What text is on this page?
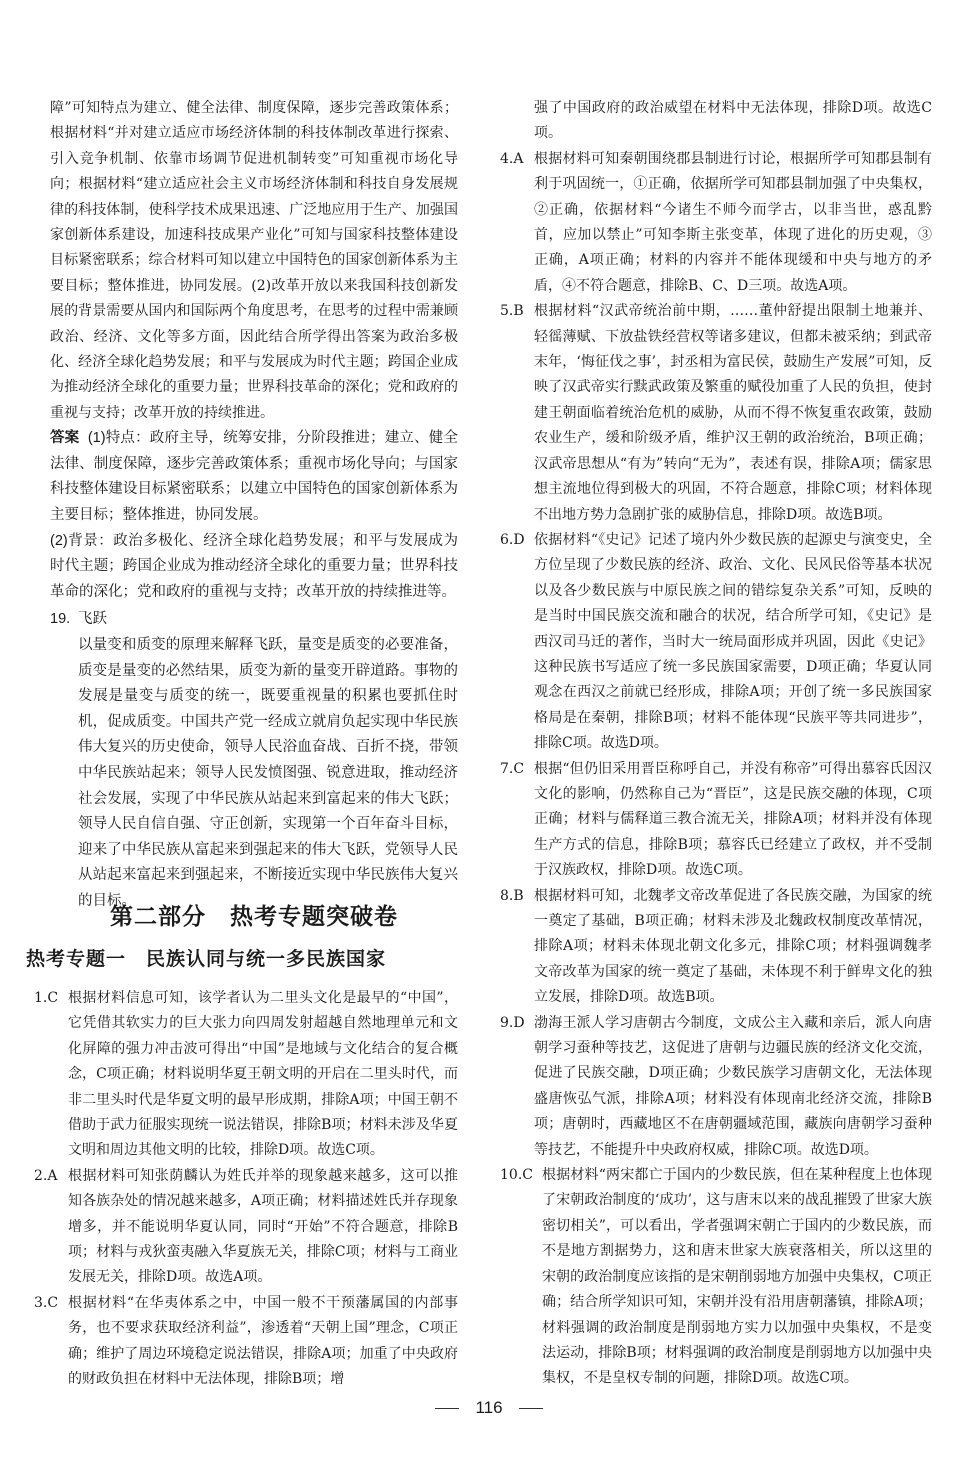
障”可知特点为建立、健全法律、制度保障，逐步完善政策体系；根据材料“并对建立适应市场经济体制的科技体制改革进行探索、引入竞争机制、依靠市场调节促进机制转变”可知重视市场化导向；根据材料“建立适应社会主义市场经济体制和科技自身发展规律的科技体制，使科学技术成果迅速、广泛地应用于生产、加强国家创新体系建设，加速科技成果产业化”可知与国家科技整体建设目标紧密联系；综合材料可知以建立中国特色的国家创新体系为主要目标；整体推进，协同发展。(2)改革开放以来我国科技创新发展的背景需要从国内和国际两个角度思考，在思考的过程中需兼顾政治、经济、文化等多方面，因此结合所学得出答案为政治多极化、经济全球化趋势发展；和平与发展成为时代主题；跨国企业成为推动经济全球化的重要力量；世界科技革命的深化；党和政府的重视与支持；改革开放的持续推进。

答案 (1)特点：政府主导，统筹安排，分阶段推进；建立、健全法律、制度保障，逐步完善政策体系；重视市场化导向；与国家科技整体建设目标紧密联系；以建立中国特色的国家创新体系为主要目标；整体推进，协同发展。

(2)背景：政治多极化、经济全球化趋势发展；和平与发展成为时代主题；跨国企业成为推动经济全球化的重要力量；世界科技革命的深化；党和政府的重视与支持；改革开放的持续推进等。

19. 飞跃

以量变和质变的原理来解释飞跃，量变是质变的必要准备，质变是量变的必然结果，质变为新的量变开辟道路。事物的发展是量变与质变的统一，既要重视量的积累也要抓住时机，促成质变。中国共产党一经成立就肩负起实现中华民族伟大复兴的历史使命，领导人民浴血奋战、百折不挠，带领中华民族站起来；领导人民发愤图强、锐意进取，推动经济社会发展，实现了中华民族从站起来到富起来的伟大飞跃；领导人民自信自强、守正创新，实现第一个百年奋斗目标，迎来了中华民族从富起来到强起来的伟大飞跃，党领导人民从站起来富起来到强起来，不断接近实现中华民族伟大复兴的目标。

第二部分　热考专题突破卷
热考专题一　民族认同与统一多民族国家
1.C 根据材料信息可知，该学者认为二里头文化是最早的“中国”，它凭借其软实力的巨大张力向四周发射超越自然地理单元和文化屏障的强力冲击波可得出“中国”是地域与文化结合的复合概念，C项正确；材料说明华夏王朝文明的开启在二里头时代，而非二里头时代是华夏文明的最早形成期，排除A项；中国王朝不借助于武力征服实现统一说法错误，排除B项；材料未涉及华夏文明和周边其他文明的比较，排除D项。故选C项。
2.A 根据材料可知张荫麟认为姓氏并举的现象越来越多，这可以推知各族杂处的情况越来越多，A项正确；材料描述姓氏并存现象增多，并不能说明华夏认同，同时“开始”不符合题意，排除B项；材料与戎狄蛮夷融入华夏族无关，排除C项；材料与工商业发展无关，排除D项。故选A项。
3.C 根据材料“在华夷体系之中，中国一般不干预藩属国的内部事务，也不要求获取经济利益”，渗透着“天朝上国”理念，C项正确；维护了周边环境稳定说法错误，排除A项；加重了中央政府的财政负担在材料中无法体现，排除B项；增

强了中国政府的政治威望在材料中无法体现，排除D项。故选C项。

4.A 根据材料可知秦朝围绕郡县制进行讨论，根据所学可知郡县制有利于巩固统一，①正确，依据所学可知郡县制加强了中央集权，②正确，依据材料“今诸生不师今而学古，以非当世，惑乱黔首，应加以禁止”可知李斯主张变革，体现了进化的历史观，③正确，A项正确；材料的内容并不能体现缓和中央与地方的矛盾，④不符合题意，排除B、C、D三项。故选A项。
5.B 根据材料“汉武帝统治前中期，……董仲舒提出限制土地兼并、轻徭薄赋、下放盐铁经营权等诸多建议，但都未被采纳；到武帝末年，‘悔征伐之事’，封丞相为富民侯，鼓励生产发展”可知，反映了汉武帝实行黩武政策及繁重的赋役加重了人民的负担，使封建王朝面临着统治危机的威胁，从而不得不恢复重农政策，鼓励农业生产，缓和阶级矛盾，维护汉王朝的政治统治，B项正确；汉武帝思想从“有为”转向“无为”，表述有误，排除A项；儒家思想主流地位得到极大的巩固，不符合题意，排除C项；材料体现不出地方势力急剧扩张的威胁信息，排除D项。故选B项。
6.D 依据材料“《史记》记述了境内外少数民族的起源史与演变史，全方位呈现了少数民族的经济、政治、文化、民风民俗等基本状况以及各少数民族与中原民族之间的错综复杂关系”可知，反映的是当时中国民族交流和融合的状况，结合所学可知，《史记》是西汉司马迁的著作，当时大一统局面形成并巩固，因此《史记》这种民族书写适应了统一多民族国家需要，D项正确；华夏认同观念在西汉之前就已经形成，排除A项；开创了统一多民族国家格局是在秦朝，排除B项；材料不能体现“民族平等共同进步”，排除C项。故选D项。
7.C 根据“但仍旧采用晋臣称呼自己，并没有称帝”可得出慕容氏因汉文化的影响，仍然称自己为“晋臣”，这是民族交融的体现，C项正确；材料与儒释道三教合流无关，排除A项；材料并没有体现生产方式的信息，排除B项；慕容氏已经建立了政权，并不受制于汉族政权，排除D项。故选C项。
8.B 根据材料可知，北魏孝文帝改革促进了各民族交融，为国家的统一奠定了基础，B项正确；材料未涉及北魏政权制度改革情况，排除A项；材料未体现北朝文化多元，排除C项；材料强调魏孝文帝改革为国家的统一奠定了基础，未体现不利于鲜卑文化的独立发展，排除D项。故选B项。
9.D 渤海王派人学习唐朝古今制度，文成公主入藏和亲后，派人向唐朝学习蚕种等技艺，这促进了唐朝与边疆民族的经济文化交流，促进了民族交融，D项正确；少数民族学习唐朝文化，无法体现盛唐恢弘气派，排除A项；材料没有体现南北经济交流，排除B项；唐朝时，西藏地区不在唐朝疆域范围，藏族向唐朝学习蚕种等技艺，不能提升中央政府权威，排除C项。故选D项。
10.C 根据材料“两宋都亡于国内的少数民族，但在某种程度上也体现了宋朝政治制度的‘成功’，这与唐末以来的战乱摧毁了世家大族密切相关”，可以看出，学者强调宋朝亡于国内的少数民族，而不是地方割据势力，这和唐末世家大族衰落相关，所以这里的宋朝的政治制度应该指的是宋朝削弱地方加强中央集权，C项正确；结合所学知识可知，宋朝并没有沿用唐朝藩镇，排除A项；材料强调的政治制度是削弱地方实力以加强中央集权，不是变法运动，排除B项；材料强调的政治制度是削弱地方以加强中央集权，不是皇权专制的问题，排除D项。故选C项。
116
